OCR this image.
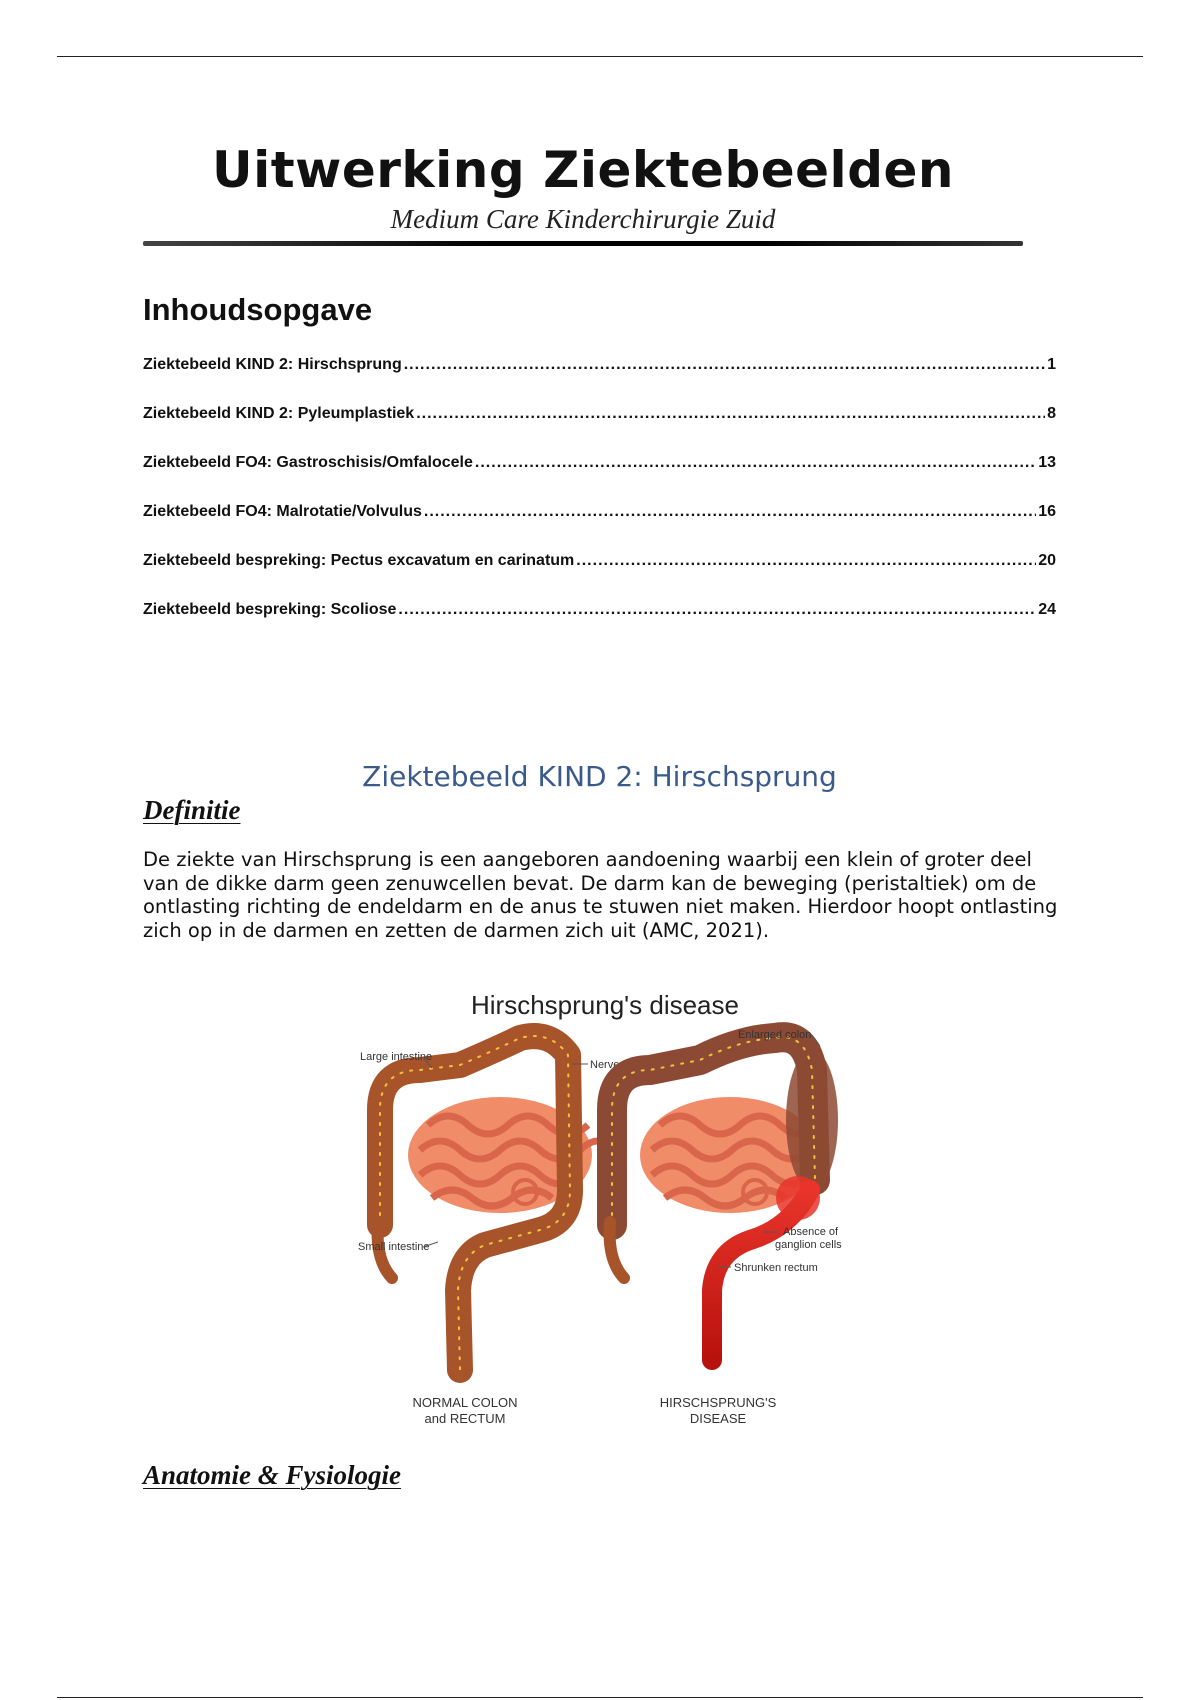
Uitwerking Ziektebeelden
Medium Care Kinderchirurgie Zuid
Inhoudsopgave
Ziektebeeld KIND 2: Hirschsprung .....	1
Ziektebeeld KIND 2: Pyleumplastiek .....	8
Ziektebeeld FO4: Gastroschisis/Omfalocele .....	13
Ziektebeeld FO4: Malrotatie/Volvulus .....	16
Ziektebeeld bespreking: Pectus excavatum en carinatum .....	20
Ziektebeeld bespreking: Scoliose .....	24
Ziektebeeld KIND 2: Hirschsprung
Definitie

De ziekte van Hirschsprung is een aangeboren aandoening waarbij een klein of groter deel van de dikke darm geen zenuwcellen bevat. De darm kan de beweging (peristaltiek) om de ontlasting richting de endeldarm en de anus te stuwen niet maken. Hierdoor hoopt ontlasting zich op in de darmen en zetten de darmen zich uit (AMC, 2021).

Hirschsprung's disease
Large intestine
Nerves
Small intestine
Enlarged colon
Absence of
ganglion cells
Shrunken rectum
NORMAL COLON
and RECTUM
HIRSCHSPRUNG'S
DISEASE
Anatomie & Fysiologie
